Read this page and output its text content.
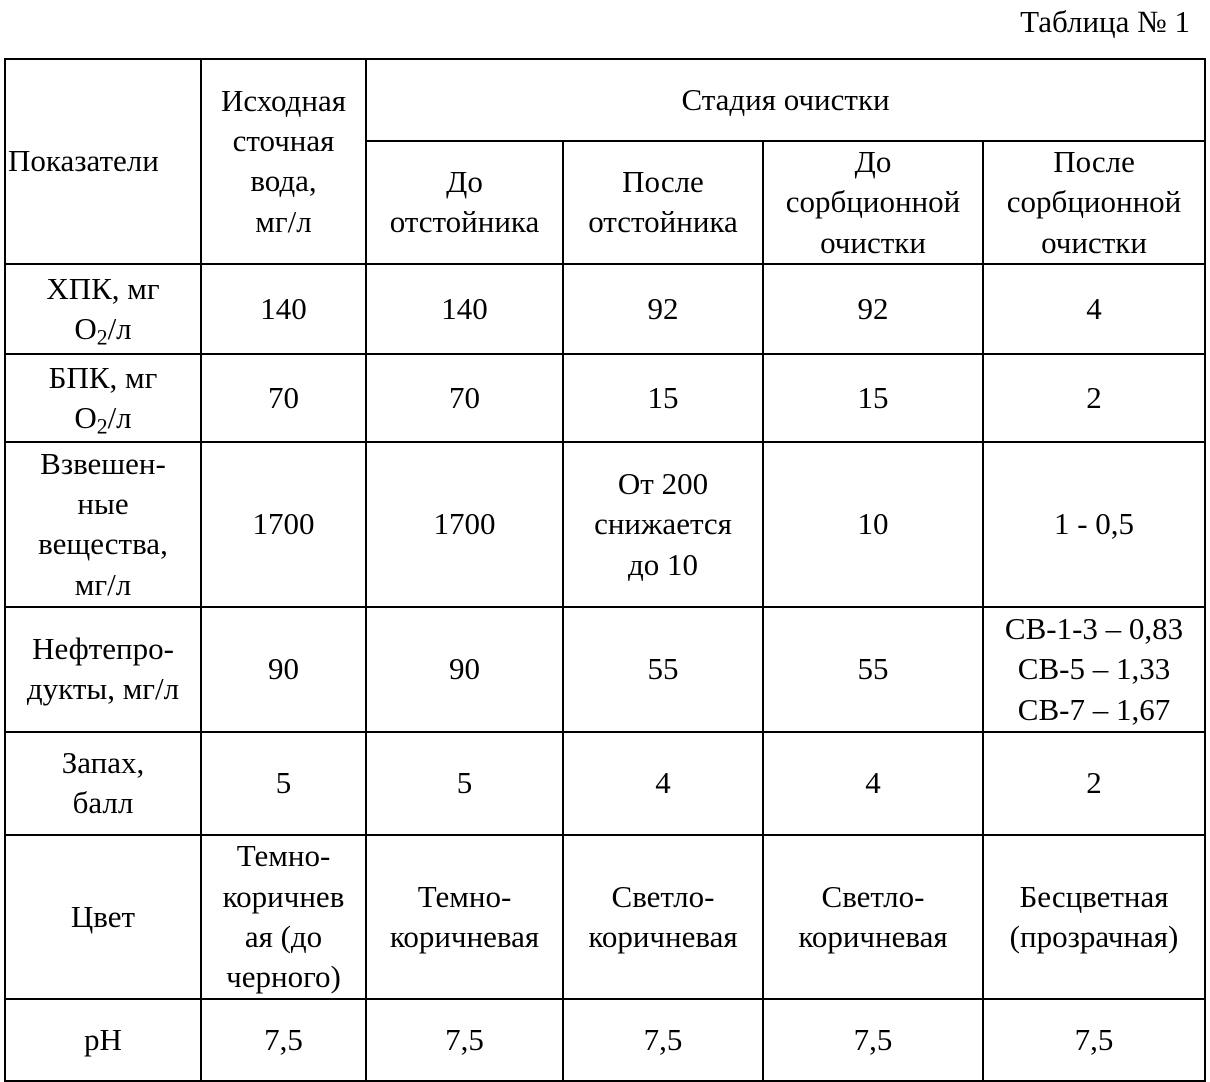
Таблица № 1
Показатели	Исходная
сточная
вода,
мг/л	Стадия очистки			
		До
отстойника	После
отстойника	До
сорбционной
очистки	После
сорбционной
очистки
ХПК, мг
$O_2/л$	140	140	92	92	4
БПК, мг
$O_2/л$	70	70	15	15	2
Взвешен-
ные
вещества,
мг/л	1700	1700	От 200
снижается
до 10	10	1 - 0,5
Нефтепро-
дукты, мг/л	90	90	55	55	СВ-1-3 – 0,83
СВ-5 – 1,33
СВ-7 – 1,67
Запах,
балл	5	5	4	4	2
Цвет	Темно-
коричнев
ая (до
черного)	Темно-
коричневая	Светло-
коричневая	Светло-
коричневая	Бесцветная
(прозрачная)
pH	7,5	7,5	7,5	7,5	7,5
